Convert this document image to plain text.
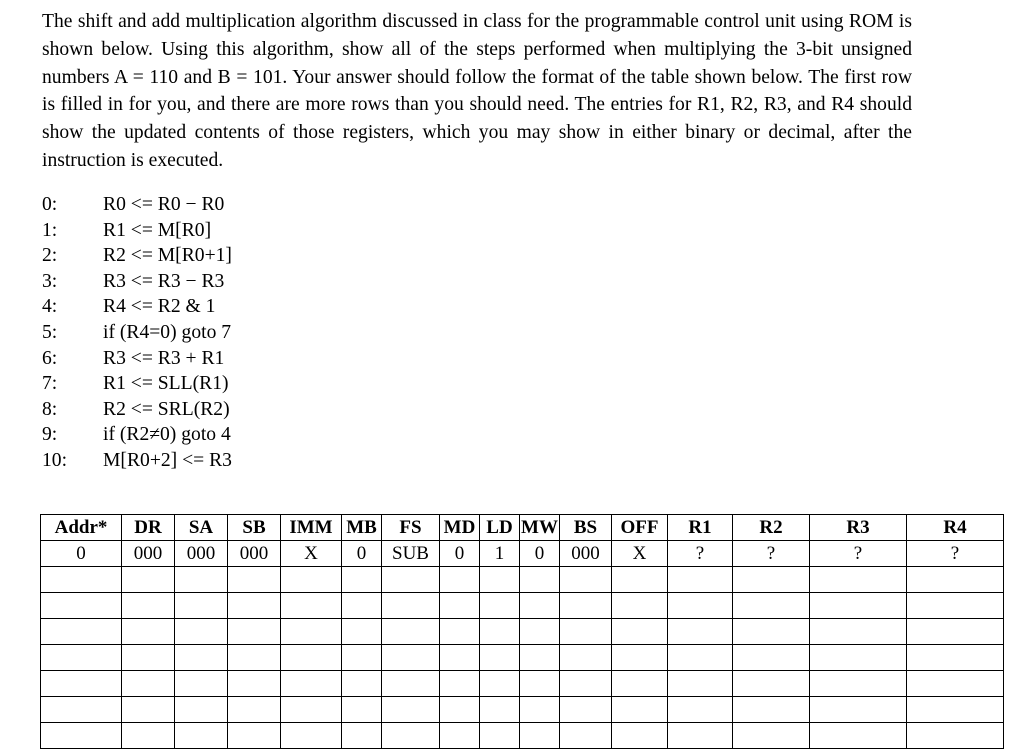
The shift and add multiplication algorithm discussed in class for the programmable control unit using ROM is shown below. Using this algorithm, show all of the steps performed when multiplying the 3-bit unsigned numbers A = 110 and B = 101. Your answer should follow the format of the table shown below. The first row is filled in for you, and there are more rows than you should need. The entries for R1, R2, R3, and R4 should show the updated contents of those registers, which you may show in either binary or decimal, after the instruction is executed.

0: R0 <= R0 − R0
1: R1 <= M[R0]
2: R2 <= M[R0+1]
3: R3 <= R3 − R3
4: R4 <= R2 & 1
5: if (R4=0) goto 7
6: R3 <= R3 + R1
7: R1 <= SLL(R1)
8: R2 <= SRL(R2)
9: if (R2≠0) goto 4
10: M[R0+2] <= R3
Addr*	DR	SA	SB	IMM	MB	FS	MD	LD	MW	BS	OFF	R1	R2	R3	R4
0	000	000	000	X	0	SUB	0	1	0	000	X	?	?	?	?
